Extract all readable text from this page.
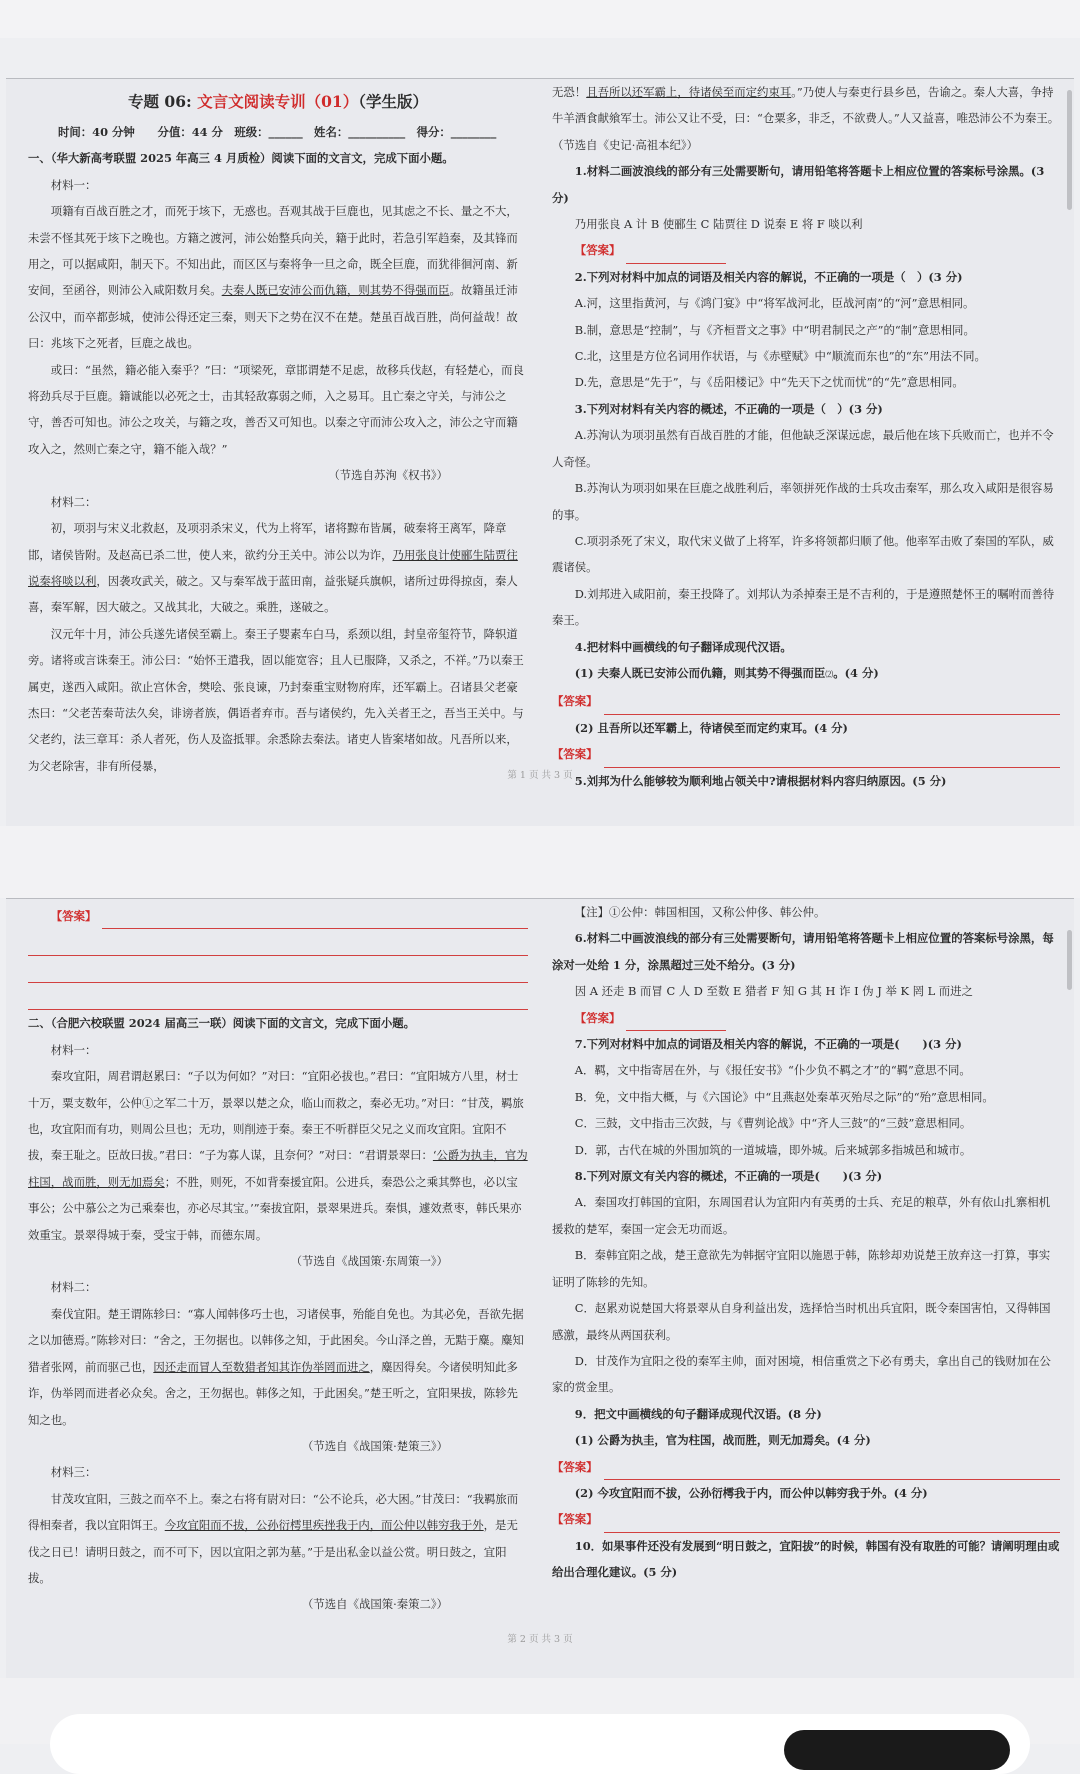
专题 06: 文言文阅读专训（01）（学生版）

时间：40 分钟　　分值：44 分　班级：______　姓名：__________　得分：________

一、（华大新高考联盟 2025 年高三 4 月质检）阅读下面的文言文，完成下面小题。

材料一：

项籍有百战百胜之才，而死于垓下，无惑也。吾观其战于巨鹿也，见其虑之不长、量之不大，未尝不怪其死于垓下之晚也。方籍之渡河，沛公始整兵向关，籍于此时，若急引军趋秦，及其锋而用之，可以据咸阳，制天下。不知出此，而区区与秦将争一旦之命，既全巨鹿，而犹徘徊河南、新安间，至函谷，则沛公入咸阳数月矣。夫秦人既已安沛公而仇籍，则其势不得强而臣。故籍虽迁沛公汉中，而卒都彭城，使沛公得还定三秦，则天下之势在汉不在楚。楚虽百战百胜，尚何益哉！故曰：兆垓下之死者，巨鹿之战也。

或曰：“虽然，籍必能入秦乎？”曰：“项梁死，章邯谓楚不足虑，故移兵伐赵，有轻楚心，而良将劲兵尽于巨鹿。籍诚能以必死之士，击其轻敌寡弱之师，入之易耳。且亡秦之守关，与沛公之守，善否可知也。沛公之攻关，与籍之攻，善否又可知也。以秦之守而沛公攻入之，沛公之守而籍攻入之，然则亡秦之守，籍不能入哉？”

（节选自苏洵《权书》）

材料二：

初，项羽与宋义北救赵，及项羽杀宋义，代为上将军，诸将黥布皆属，破秦将王离军，降章邯，诸侯皆附。及赵高已杀二世，使人来，欲约分王关中。沛公以为诈，乃用张良计使郦生陆贾往说秦将啖以利，因袭攻武关，破之。又与秦军战于蓝田南，益张疑兵旗帜，诸所过毋得掠卤，秦人喜，秦军解，因大破之。又战其北，大破之。乘胜，遂破之。

汉元年十月，沛公兵遂先诸侯至霸上。秦王子婴素车白马，系颈以组，封皇帝玺符节，降轵道旁。诸将或言诛秦王。沛公曰：“始怀王遣我，固以能宽容；且人已服降，又杀之，不祥。”乃以秦王属吏，遂西入咸阳。欲止宫休舍，樊哙、张良谏，乃封秦重宝财物府库，还军霸上。召诸县父老豪杰曰：“父老苦秦苛法久矣，诽谤者族，偶语者弃市。吾与诸侯约，先入关者王之，吾当王关中。与父老约，法三章耳：杀人者死，伤人及盗抵罪。余悉除去秦法。诸吏人皆案堵如故。凡吾所以来，为父老除害，非有所侵暴，

无恐！且吾所以还军霸上，待诸侯至而定约束耳。”乃使人与秦吏行县乡邑，告谕之。秦人大喜，争持牛羊酒食献飨军士。沛公又让不受，曰：“仓粟多，非乏，不欲费人。”人又益喜，唯恐沛公不为秦王。

（节选自《史记·高祖本纪》）

1.材料二画波浪线的部分有三处需要断句，请用铅笔将答题卡上相应位置的答案标号涂黑。(3 分)

乃用张良 A 计 B 使郦生 C 陆贾往 D 说秦 E 将 F 啖以利

【答案】

2.下列对材料中加点的词语及相关内容的解说，不正确的一项是（　）(3 分)

A.河，这里指黄河，与《鸿门宴》中“将军战河北，臣战河南”的“河”意思相同。

B.制，意思是“控制”，与《齐桓晋文之事》中“明君制民之产”的“制”意思相同。

C.北，这里是方位名词用作状语，与《赤壁赋》中“顺流而东也”的“东”用法不同。

D.先，意思是“先于”，与《岳阳楼记》中“先天下之忧而忧”的“先”意思相同。

3.下列对材料有关内容的概述，不正确的一项是（　）(3 分)

A.苏洵认为项羽虽然有百战百胜的才能，但他缺乏深谋远虑，最后他在垓下兵败而亡，也并不令人奇怪。

B.苏洵认为项羽如果在巨鹿之战胜利后，率领拼死作战的士兵攻击秦军，那么攻入咸阳是很容易的事。

C.项羽杀死了宋义，取代宋义做了上将军，许多将领都归顺了他。他率军击败了秦国的军队，威震诸侯。

D.刘邦进入咸阳前，秦王投降了。刘邦认为杀掉秦王是不吉利的，于是遵照楚怀王的嘱咐而善待秦王。

4.把材料中画横线的句子翻译成现代汉语。

(1) 夫秦人既已安沛公而仇籍，则其势不得强而臣⑵。(4 分)

【答案】

(2) 且吾所以还军霸上，待诸侯至而定约束耳。(4 分)

【答案】

5.刘邦为什么能够较为顺利地占领关中?请根据材料内容归纳原因。(5 分)

第 1 页 共 3 页
【答案】

二、（合肥六校联盟 2024 届高三一联）阅读下面的文言文，完成下面小题。

材料一：

秦攻宜阳，周君谓赵累曰：“子以为何如？”对曰：“宜阳必拔也。”君曰：“宜阳城方八里，材士十万，粟支数年，公仲①之军二十万，景翠以楚之众，临山而救之，秦必无功。”对曰：“甘茂，羁旅也，攻宜阳而有功，则周公旦也；无功，则削迹于秦。秦王不听群臣父兄之义而攻宜阳。宜阳不拔，秦王耻之。臣故曰拔。”君曰：“子为寡人谋，且奈何？”对曰：“君谓景翠曰：‘公爵为执圭，官为柱国，战而胜，则无加焉矣；不胜，则死，不如背秦援宜阳。公进兵，秦恐公之乘其弊也，必以宝事公；公中慕公之为己乘秦也，亦必尽其宝。’”秦拔宜阳，景翠果进兵。秦惧，遽效煮枣，韩氏果亦效重宝。景翠得城于秦，受宝于韩，而德东周。

（节选自《战国策·东周策一》）

材料二：

秦伐宜阳。楚王谓陈轸曰：“寡人闻韩侈巧士也，习诸侯事，殆能自免也。为其必免，吾欲先据之以加德焉。”陈轸对曰：“舍之，王勿据也。以韩侈之知，于此困矣。今山泽之兽，无黠于麋。麋知猎者张网，前而驱己也，因还走而冒人至数猎者知其诈伪举罔而进之，麋因得矣。今诸侯明知此多诈，伪举罔而进者必众矣。舍之，王勿据也。韩侈之知，于此困矣。”楚王听之，宜阳果拔，陈轸先知之也。

（节选自《战国策·楚策三》）

材料三：

甘茂攻宜阳，三鼓之而卒不上。秦之右将有尉对曰：“公不论兵，必大困。”甘茂曰：“我羁旅而得相秦者，我以宜阳饵王。今攻宜阳而不拔，公孙衍樗里疾挫我于内，而公仲以韩穷我于外，是无伐之日已！请明日鼓之，而不可下，因以宜阳之郭为墓。”于是出私金以益公赏。明日鼓之，宜阳拔。

（节选自《战国策·秦策二》）

【注】①公仲：韩国相国，又称公仲侈、韩公仲。

6.材料二中画波浪线的部分有三处需要断句，请用铅笔将答题卡上相应位置的答案标号涂黑，每涂对一处给 1 分，涂黑超过三处不给分。(3 分)

因 A 还走 B 而冒 C 人 D 至数 E 猎者 F 知 G 其 H 诈 I 伪 J 举 K 罔 L 而进之

【答案】

7.下列对材料中加点的词语及相关内容的解说，不正确的一项是(　　)(3 分)

A．羁，文中指寄居在外，与《报任安书》“仆少负不羁之才”的“羁”意思不同。

B．免，文中指大概，与《六国论》中“且燕赵处秦革灭殆尽之际”的“殆”意思相同。

C．三鼓，文中指击三次鼓，与《曹刿论战》中“齐人三鼓”的“三鼓”意思相同。

D．郭，古代在城的外围加筑的一道城墙，即外城。后来城郭多指城邑和城市。

8.下列对原文有关内容的概述，不正确的一项是(　　)(3 分)

A．秦国攻打韩国的宜阳，东周国君认为宜阳内有英勇的士兵、充足的粮草，外有依山扎寨相机援救的楚军，秦国一定会无功而返。

B．秦韩宜阳之战，楚王意欲先为韩据守宜阳以施恩于韩，陈轸却劝说楚王放弃这一打算，事实证明了陈轸的先知。

C．赵累劝说楚国大将景翠从自身利益出发，选择恰当时机出兵宜阳，既令秦国害怕，又得韩国感激，最终从两国获利。

D．甘茂作为宜阳之役的秦军主帅，面对困境，相信重赏之下必有勇夫，拿出自己的钱财加在公家的赏金里。

9．把文中画横线的句子翻译成现代汉语。(8 分)

(1) 公爵为执圭，官为柱国，战而胜，则无加焉矣。(4 分)

【答案】

(2) 今攻宜阳而不拔，公孙衍樗我于内，而公仲以韩穷我于外。(4 分)

【答案】

10．如果事件还没有发展到“明日鼓之，宜阳拔”的时候，韩国有没有取胜的可能？请阐明理由或给出合理化建议。(5 分)

第 2 页 共 3 页
